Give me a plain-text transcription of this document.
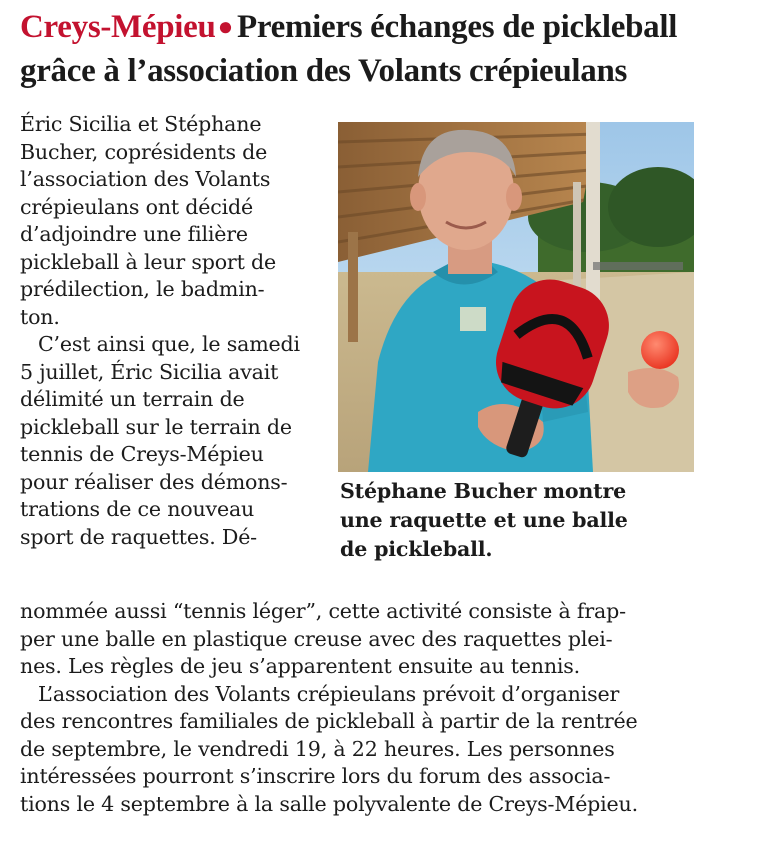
Creys-Mépieu● Premiers échanges de pickleball
grâce à l’association des Volants crépieulans
Éric Sicilia et Stéphane
Bucher, coprésidents de
l’association des Volants
crépieulans ont décidé
d’adjoindre une filière
pickleball à leur sport de
prédilection, le badmin-
ton.
C’est ainsi que, le samedi
5 juillet, Éric Sicilia avait
délimité un terrain de
pickleball sur le terrain de
tennis de Creys-Mépieu
pour réaliser des démons-
trations de ce nouveau
sport de raquettes. Dé-
nommée aussi “tennis léger”, cette activité consiste à frap-
per une balle en plastique creuse avec des raquettes plei-
nes. Les règles de jeu s’apparentent ensuite au tennis.
L’association des Volants crépieulans prévoit d’organiser
des rencontres familiales de pickleball à partir de la rentrée
de septembre, le vendredi 19, à 22 heures. Les personnes
intéressées pourront s’inscrire lors du forum des associa-
tions le 4 septembre à la salle polyvalente de Creys-Mépieu.
Stéphane Bucher montre
une raquette et une balle
de pickleball.
